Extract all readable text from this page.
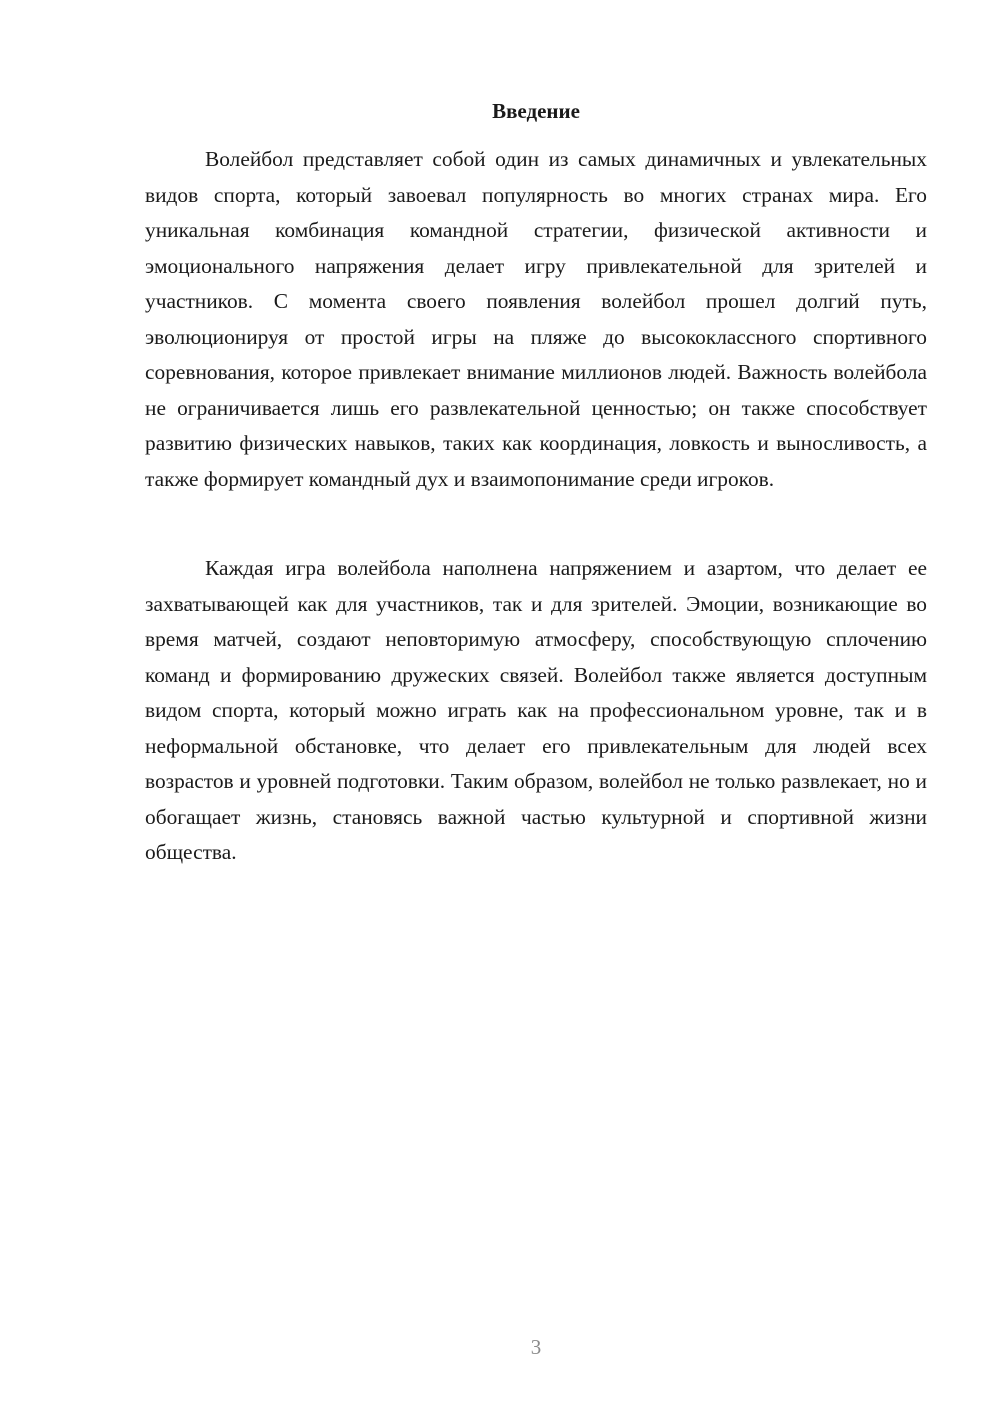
Введение

Волейбол представляет собой один из самых динамичных и увлекательных видов спорта, который завоевал популярность во многих странах мира. Его уникальная комбинация командной стратегии, физической активности и эмоционального напряжения делает игру привлекательной для зрителей и участников. С момента своего появления волейбол прошел долгий путь, эволюционируя от простой игры на пляже до высококлассного спортивного соревнования, которое привлекает внимание миллионов людей. Важность волейбола не ограничивается лишь его развлекательной ценностью; он также способствует развитию физических навыков, таких как координация, ловкость и выносливость, а также формирует командный дух и взаимопонимание среди игроков.

Каждая игра волейбола наполнена напряжением и азартом, что делает ее захватывающей как для участников, так и для зрителей. Эмоции, возникающие во время матчей, создают неповторимую атмосферу, способствующую сплочению команд и формированию дружеских связей. Волейбол также является доступным видом спорта, который можно играть как на профессиональном уровне, так и в неформальной обстановке, что делает его привлекательным для людей всех возрастов и уровней подготовки. Таким образом, волейбол не только развлекает, но и обогащает жизнь, становясь важной частью культурной и спортивной жизни общества.

3
